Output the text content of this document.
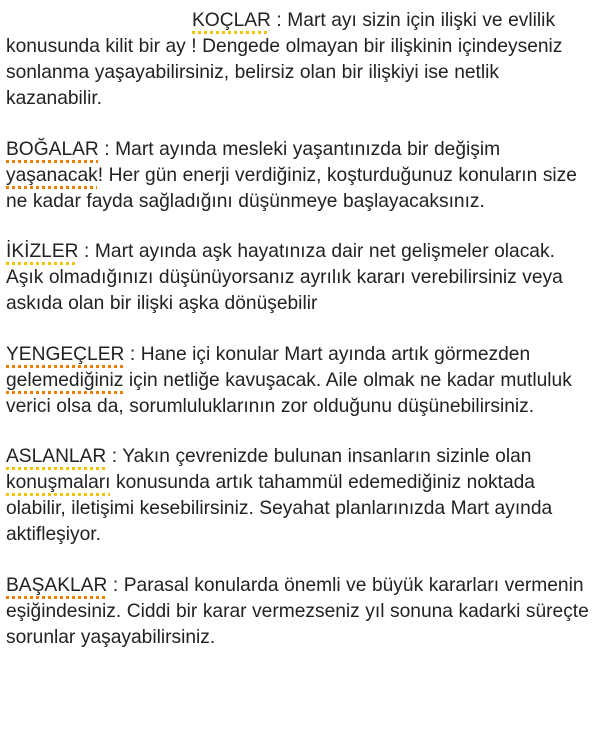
KOÇLAR : Mart ayı sizin için ilişki ve evlilik konusunda kilit bir ay ! Dengede olmayan bir ilişkinin içindeyseniz sonlanma yaşayabilirsiniz, belirsiz olan bir ilişkiyi ise netlik kazanabilir.

BOĞALAR : Mart ayında mesleki yaşantınızda bir değişim yaşanacak! Her gün enerji verdiğiniz, koşturduğunuz konuların size ne kadar fayda sağladığını düşünmeye başlayacaksınız.

İKİZLER : Mart ayında aşk hayatınıza dair net gelişmeler olacak. Aşık olmadığınızı düşünüyorsanız ayrılık kararı verebilirsiniz veya askıda olan bir ilişki aşka dönüşebilir

YENGEÇLER : Hane içi konular Mart ayında artık görmezden gelemediğiniz için netliğe kavuşacak. Aile olmak ne kadar mutluluk verici olsa da, sorumluluklarının zor olduğunu düşünebilirsiniz.

ASLANLAR : Yakın çevrenizde bulunan insanların sizinle olan konuşmaları konusunda artık tahammül edemediğiniz noktada olabilir, iletişimi kesebilirsiniz. Seyahat planlarınızda Mart ayında aktifleşiyor.

BAŞAKLAR : Parasal konularda önemli ve büyük kararları vermenin eşiğindesiniz. Ciddi bir karar vermezseniz yıl sonuna kadarki süreçte sorunlar yaşayabilirsiniz.
